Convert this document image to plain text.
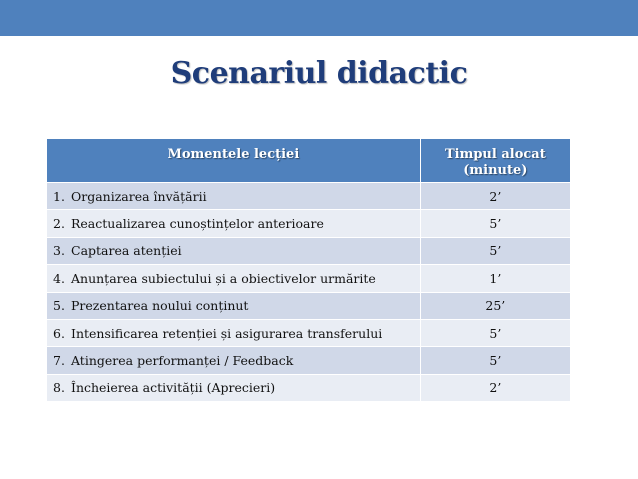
Scenariul didactic
Momentele lecției	Timpul alocat
(minute)
1. Organizarea învățării	2’
2. Reactualizarea cunoștințelor anterioare	5’
3. Captarea atenției	5’
4. Anunțarea subiectului și a obiectivelor urmărite	1’
5. Prezentarea noului conținut	25’
6. Intensificarea retenției și asigurarea transferului	5’
7. Atingerea performanței / Feedback	5’
8. Încheierea activității (Aprecieri)	2’
